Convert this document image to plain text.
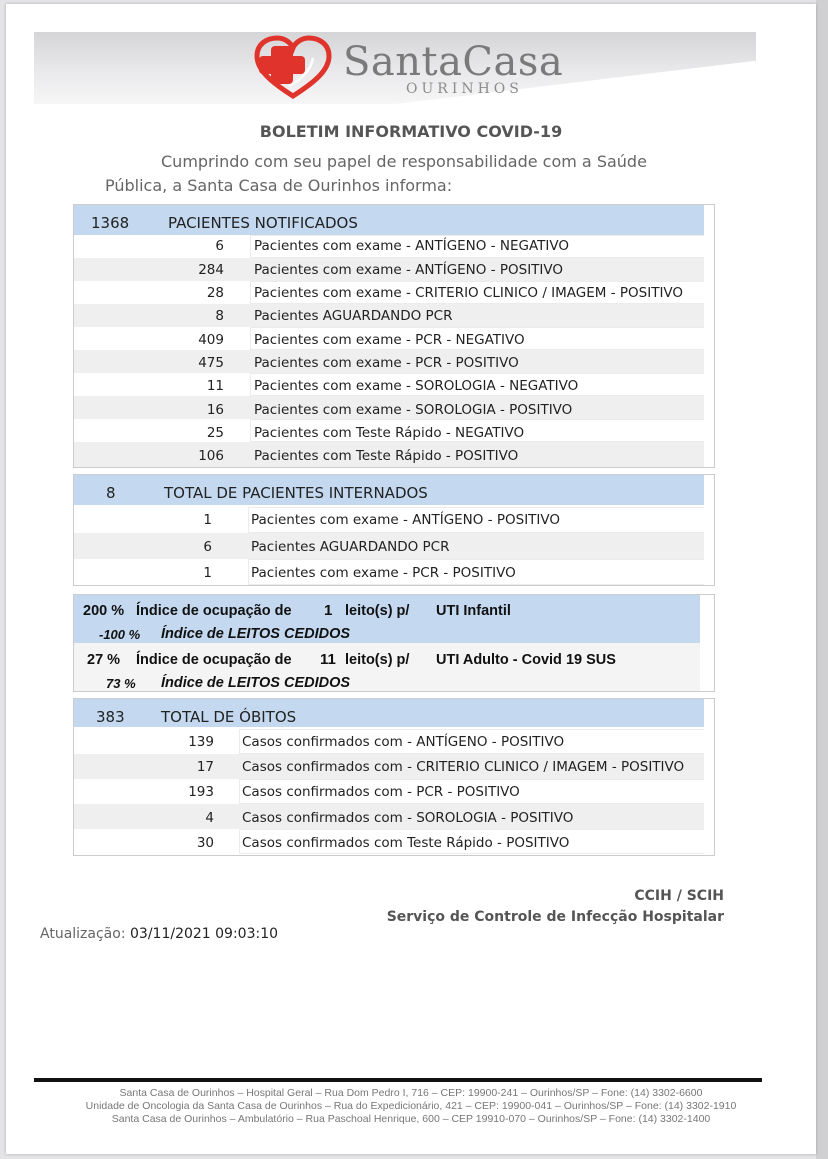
SantaCasa
OURINHOS
BOLETIM INFORMATIVO COVID-19
Cumprindo com seu papel de responsabilidade com a Saúde
Pública, a Santa Casa de Ourinhos informa:
1368	PACIENTES NOTIFICADOS
6 Pacientes com exame - ANTÍGENO - NEGATIVO
284 Pacientes com exame - ANTÍGENO - POSITIVO
28 Pacientes com exame - CRITERIO CLINICO / IMAGEM - POSITIVO
8 Pacientes AGUARDANDO PCR
409 Pacientes com exame - PCR - NEGATIVO
475 Pacientes com exame - PCR - POSITIVO
11 Pacientes com exame - SOROLOGIA - NEGATIVO
16 Pacientes com exame - SOROLOGIA - POSITIVO
25 Pacientes com Teste Rápido - NEGATIVO
106 Pacientes com Teste Rápido - POSITIVO
8	TOTAL DE PACIENTES INTERNADOS
1	Pacientes com exame - ANTÍGENO - POSITIVO
6	Pacientes AGUARDANDO PCR
1	Pacientes com exame - PCR - POSITIVO
200 % Índice de ocupação de 1 leito(s) p/ UTI Infantil
-100 % Índice de LEITOS CEDIDOS
27 % Índice de ocupação de 11 leito(s) p/ UTI Adulto - Covid 19 SUS
73 % Índice de LEITOS CEDIDOS
383 TOTAL DE ÓBITOS
139 Casos confirmados com - ANTÍGENO - POSITIVO
17 Casos confirmados com - CRITERIO CLINICO / IMAGEM - POSITIVO
193 Casos confirmados com - PCR - POSITIVO
4 Casos confirmados com - SOROLOGIA - POSITIVO
30 Casos confirmados com Teste Rápido - POSITIVO
CCIH / SCIH
Serviço de Controle de Infecção Hospitalar
Atualização: 03/11/2021 09:03:10
Santa Casa de Ourinhos – Hospital Geral – Rua Dom Pedro I, 716 – CEP: 19900-241 – Ourinhos/SP – Fone: (14) 3302-6600
Unidade de Oncologia da Santa Casa de Ourinhos – Rua do Expedicionário, 421 – CEP: 19900-041 – Ourinhos/SP – Fone: (14) 3302-1910
Santa Casa de Ourinhos – Ambulatório – Rua Paschoal Henrique, 600 – CEP 19910-070 – Ourinhos/SP – Fone: (14) 3302-1400
